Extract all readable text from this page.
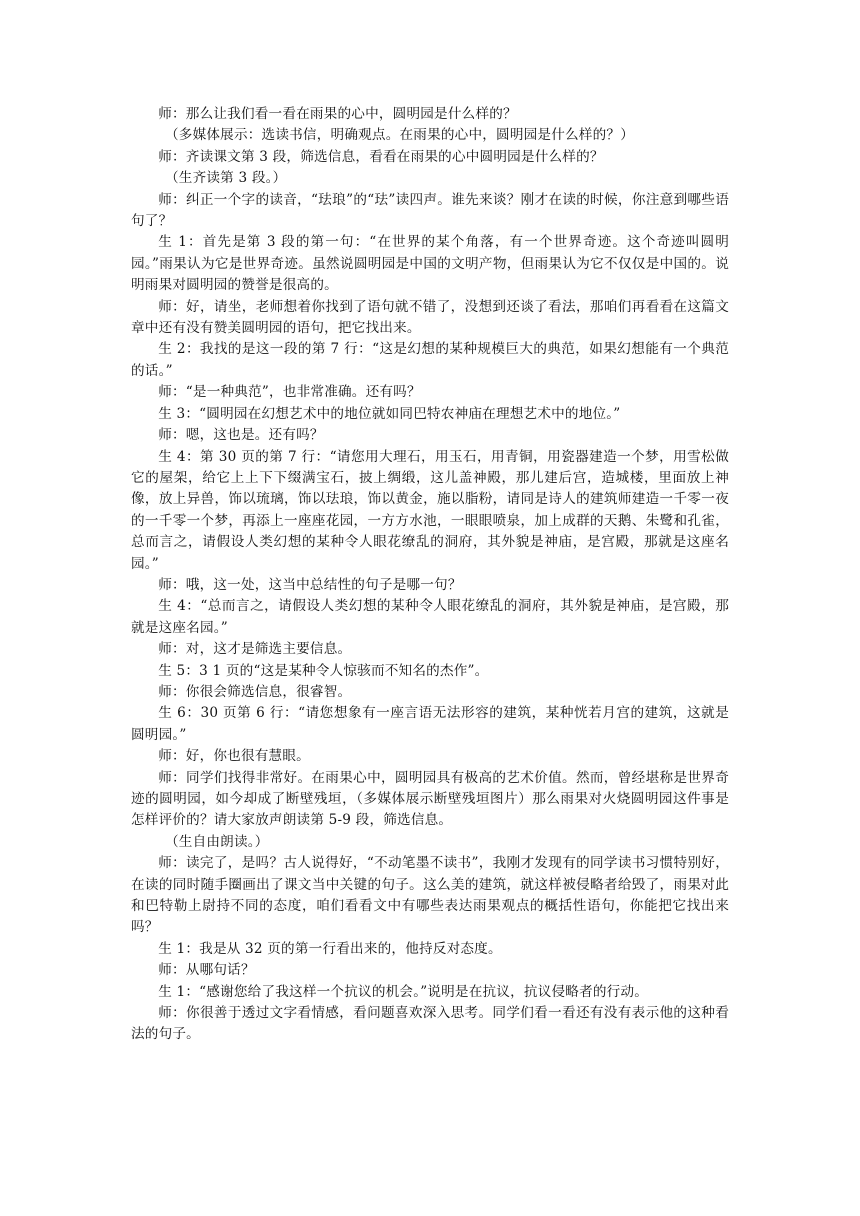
师：那么让我们看一看在雨果的心中，圆明园是什么样的？

（多媒体展示：选读书信，明确观点。在雨果的心中，圆明园是什么样的？）

师：齐读课文第 3 段，筛选信息，看看在雨果的心中圆明园是什么样的？

（生齐读第 3 段。）

师：纠正一个字的读音，“珐琅”的“珐”读四声。谁先来谈？刚才在读的时候，你注意到哪些语句了？

生 1：首先是第 3 段的第一句：“在世界的某个角落，有一个世界奇迹。这个奇迹叫圆明园。”雨果认为它是世界奇迹。虽然说圆明园是中国的文明产物，但雨果认为它不仅仅是中国的。说明雨果对圆明园的赞誉是很高的。

师：好，请坐，老师想着你找到了语句就不错了，没想到还谈了看法，那咱们再看看在这篇文章中还有没有赞美圆明园的语句，把它找出来。

生 2：我找的是这一段的第 7 行：“这是幻想的某种规模巨大的典范，如果幻想能有一个典范的话。”

师：“是一种典范”，也非常准确。还有吗？

生 3：“圆明园在幻想艺术中的地位就如同巴特农神庙在理想艺术中的地位。”

师：嗯，这也是。还有吗？

生 4：第 30 页的第 7 行：“请您用大理石，用玉石，用青铜，用瓷器建造一个梦，用雪松做它的屋架，给它上上下下缀满宝石，披上绸缎，这儿盖神殿，那儿建后宫，造城楼，里面放上神像，放上异兽，饰以琉璃，饰以珐琅，饰以黄金，施以脂粉，请同是诗人的建筑师建造一千零一夜的一千零一个梦，再添上一座座花园，一方方水池，一眼眼喷泉，加上成群的天鹅、朱鹭和孔雀，总而言之，请假设人类幻想的某种令人眼花缭乱的洞府，其外貌是神庙，是宫殿，那就是这座名园。”

师：哦，这一处，这当中总结性的句子是哪一句？

生 4：“总而言之，请假设人类幻想的某种令人眼花缭乱的洞府，其外貌是神庙，是宫殿，那就是这座名园。”

师：对，这才是筛选主要信息。

生 5：3 1 页的“这是某种令人惊骇而不知名的杰作”。

师：你很会筛选信息，很睿智。

生 6：30 页第 6 行：“请您想象有一座言语无法形容的建筑，某种恍若月宫的建筑，这就是圆明园。”

师：好，你也很有慧眼。

师：同学们找得非常好。在雨果心中，圆明园具有极高的艺术价值。然而，曾经堪称是世界奇迹的圆明园，如今却成了断壁残垣，（多媒体展示断壁残垣图片）那么雨果对火烧圆明园这件事是怎样评价的？请大家放声朗读第 5-9 段，筛选信息。

（生自由朗读。）

师：读完了，是吗？古人说得好，“不动笔墨不读书”，我刚才发现有的同学读书习惯特别好，在读的同时随手圈画出了课文当中关键的句子。这么美的建筑，就这样被侵略者给毁了，雨果对此和巴特勒上尉持不同的态度，咱们看看文中有哪些表达雨果观点的概括性语句，你能把它找出来吗？

生 1：我是从 32 页的第一行看出来的，他持反对态度。

师：从哪句话？

生 1：“感谢您给了我这样一个抗议的机会。”说明是在抗议，抗议侵略者的行动。

师：你很善于透过文字看情感，看问题喜欢深入思考。同学们看一看还有没有表示他的这种看法的句子。
